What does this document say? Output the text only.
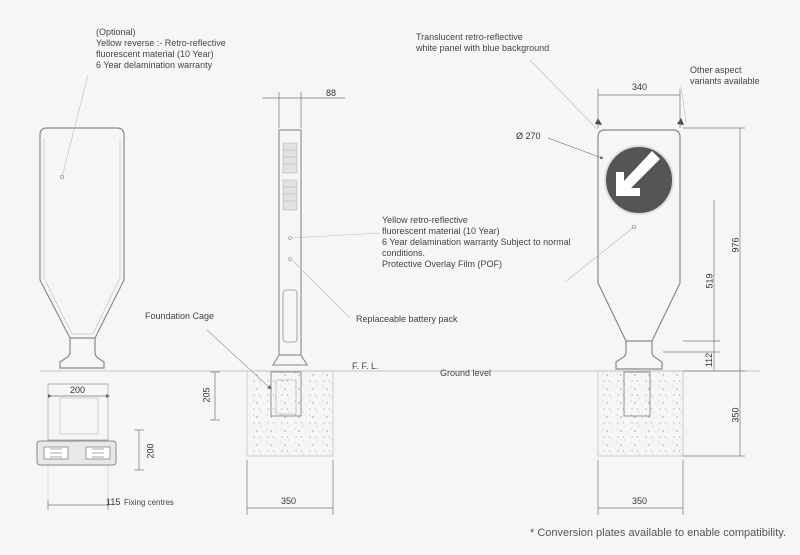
(Optional)
Yellow reverse :- Retro-reflective
fluorescent material (10 Year)
6 Year delamination warranty
Translucent retro-reflective
white panel with blue background
Other aspect
variants available
Yellow retro-reflective
fluorescent material (10 Year)
6 Year delamination warranty Subject to normal
conditions.
Protective Overlay Film (POF)
Replaceable battery pack
Foundation Cage
F. F. L.
Ground level
88
340
Ø 270
976
519
112
350
200	205
200
115 Fixing centres	350	350
* Conversion plates available to enable compatibility.
